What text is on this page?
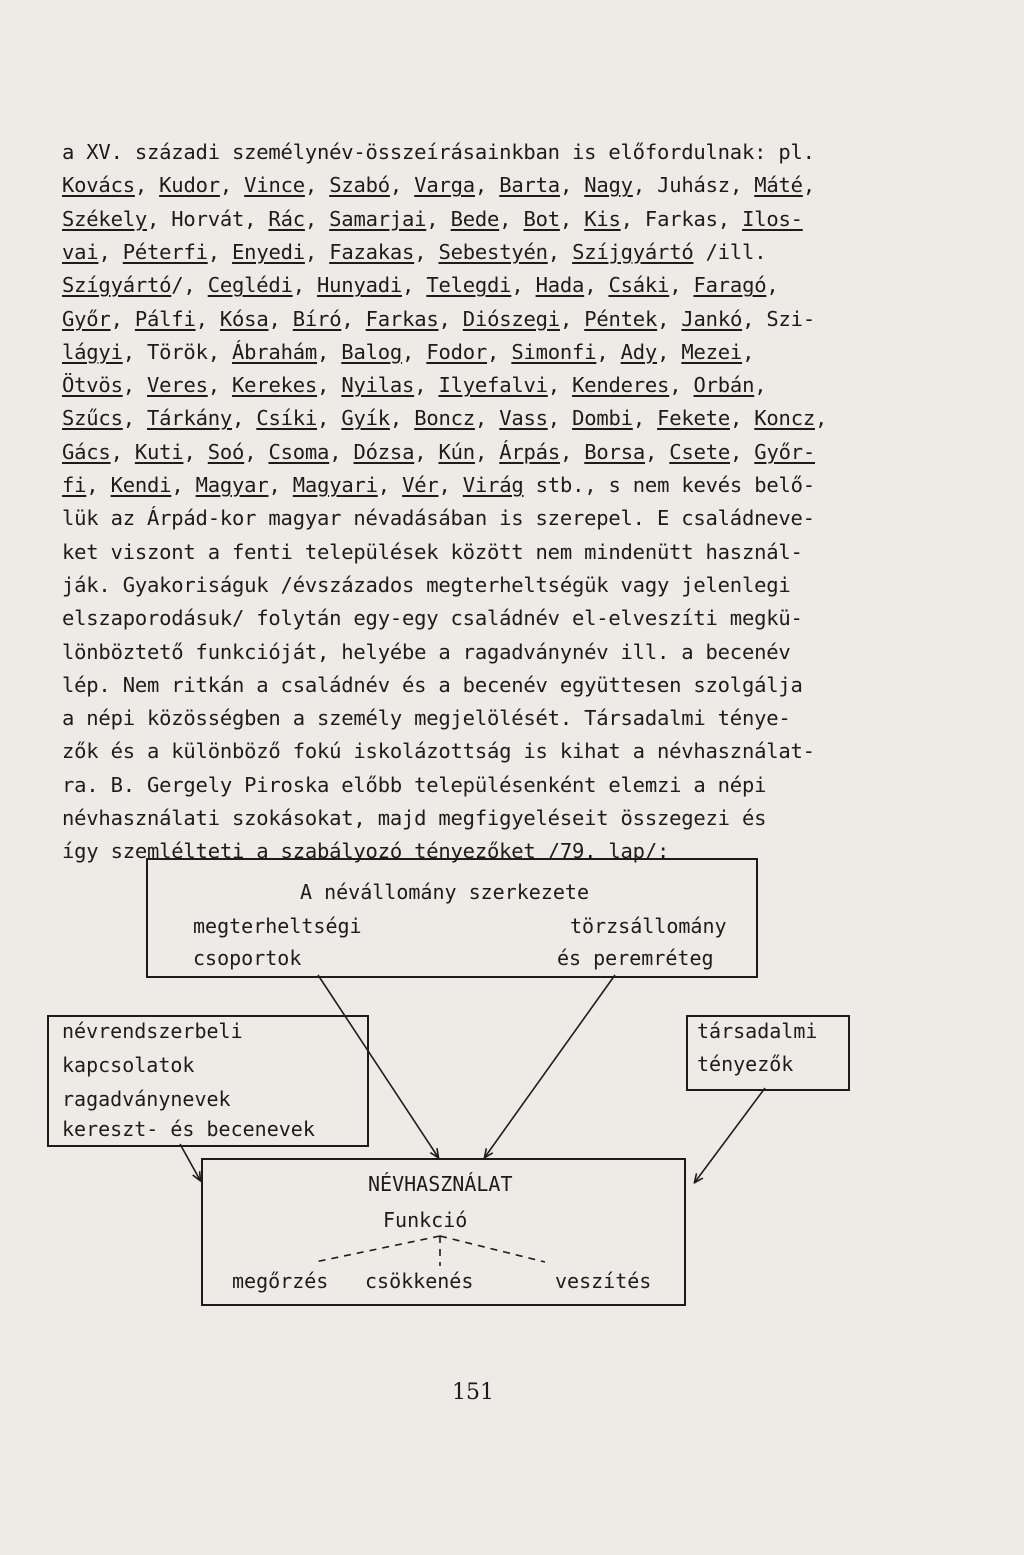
a XV. századi személynév-összeírásainkban is előfordulnak: pl.
Kovács, Kudor, Vince, Szabó, Varga, Barta, Nagy, Juhász, Máté,
Székely, Horvát, Rác, Samarjai, Bede, Bot, Kis, Farkas, Ilos-
vai, Péterfi, Enyedi, Fazakas, Sebestyén, Szíjgyártó /ill.
Szígyártó/, Ceglédi, Hunyadi, Telegdi, Hada, Csáki, Faragó,
Győr, Pálfi, Kósa, Bíró, Farkas, Diószegi, Péntek, Jankó, Szi-
lágyi, Török, Ábrahám, Balog, Fodor, Simonfi, Ady, Mezei,
Ötvös, Veres, Kerekes, Nyilas, Ilyefalvi, Kenderes, Orbán,
Szűcs, Tárkány, Csíki, Gyík, Boncz, Vass, Dombi, Fekete, Koncz,
Gács, Kuti, Soó, Csoma, Dózsa, Kún, Árpás, Borsa, Csete, Győr-
fi, Kendi, Magyar, Magyari, Vér, Virág stb., s nem kevés belő-
lük az Árpád-kor magyar névadásában is szerepel. E családneve-
ket viszont a fenti települések között nem mindenütt használ-
ják. Gyakoriságuk /évszázados megterheltségük vagy jelenlegi
elszaporodásuk/ folytán egy-egy családnév el-elveszíti megkü-
lönböztető funkcióját, helyébe a ragadványnév ill. a becenév
lép. Nem ritkán a családnév és a becenév együttesen szolgálja
a népi közösségben a személy megjelölését. Társadalmi ténye-
zők és a különböző fokú iskolázottság is kihat a névhasználat-
ra. B. Gergely Piroska előbb településenként elemzi a népi
névhasználati szokásokat, majd megfigyeléseit összegezi és
így szemlélteti a szabályozó tényezőket /79. lap/:
A névállomány szerkezete
megterheltségi
csoportok
törzsállomány
és peremréteg
névrendszerbeli
kapcsolatok
ragadványnevek
kereszt- és becenevek
társadalmi
tényezők
NÉVHASZNÁLAT
Funkció
megőrzés csökkenés	veszítés
151
